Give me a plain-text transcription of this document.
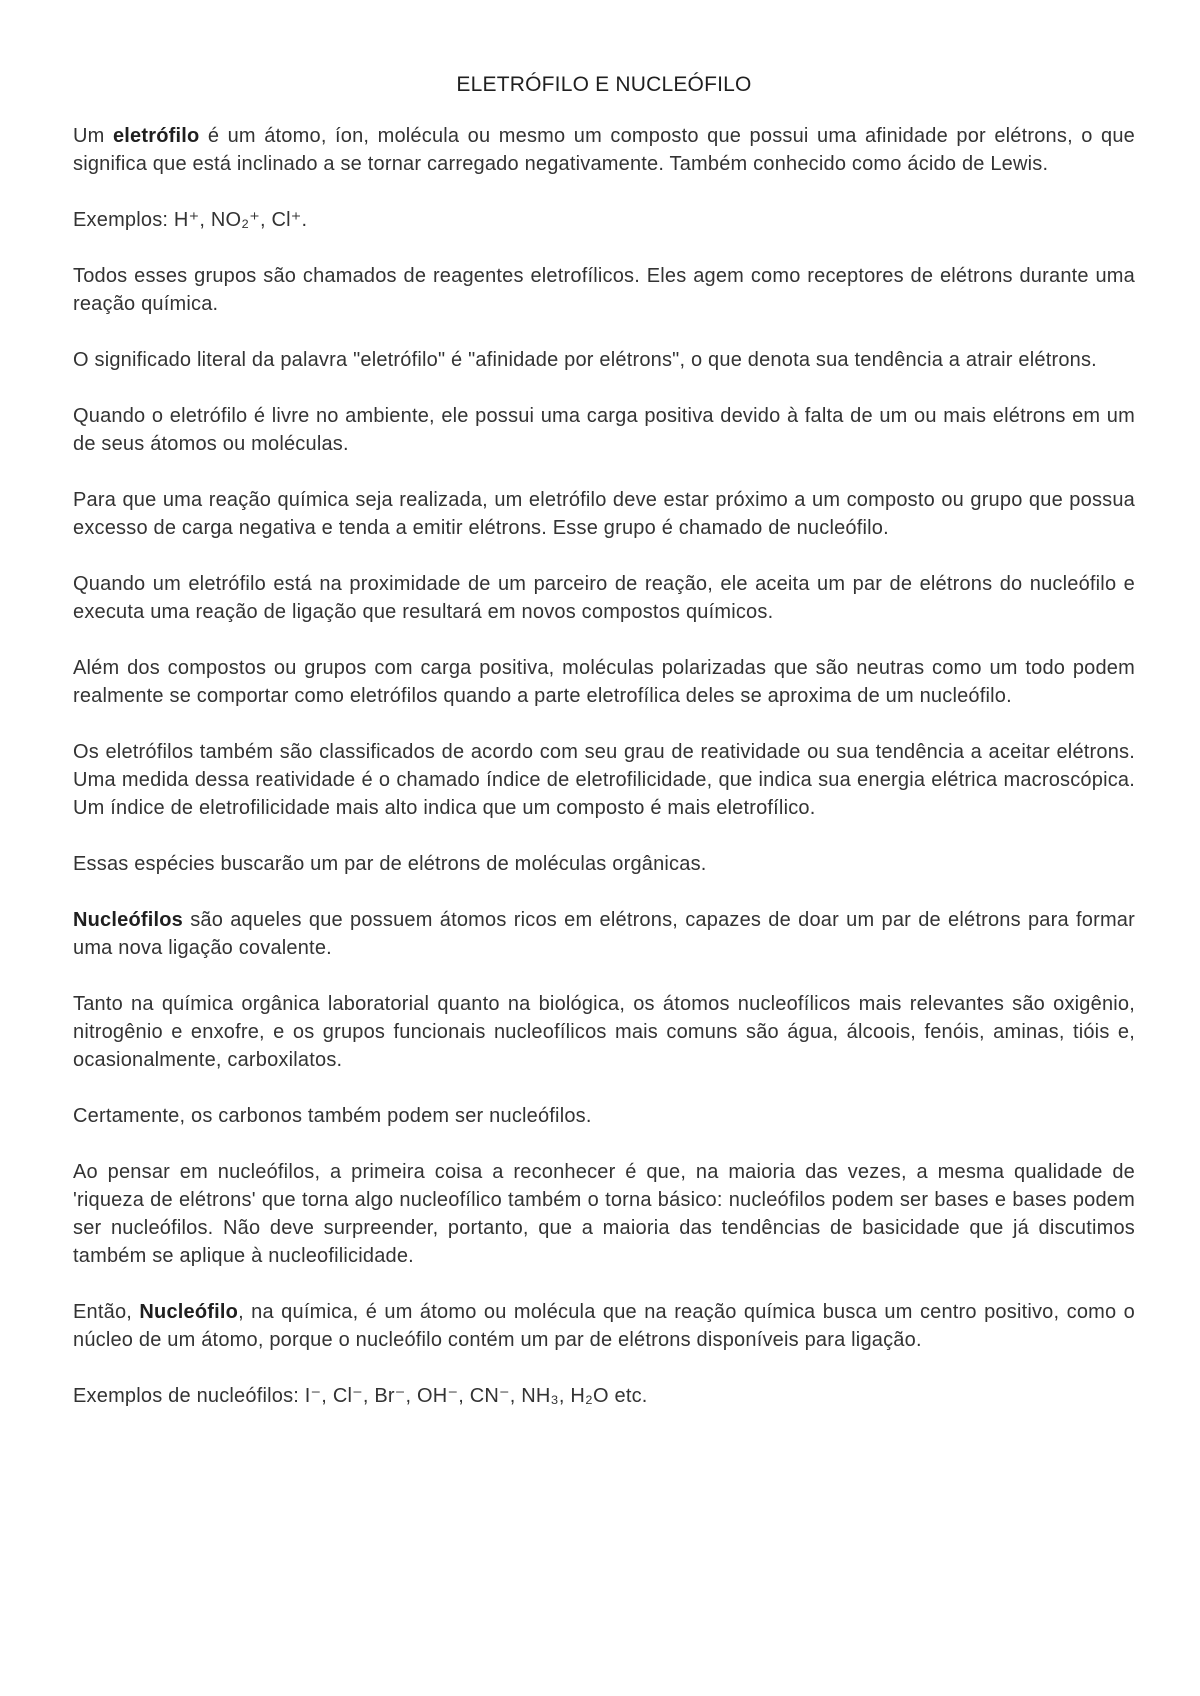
ELETRÓFILO E NUCLEÓFILO

Um eletrófilo é um átomo, íon, molécula ou mesmo um composto que possui uma afinidade por elétrons, o que significa que está inclinado a se tornar carregado negativamente. Também conhecido como ácido de Lewis.

Exemplos: H⁺, NO₂⁺, Cl⁺.

Todos esses grupos são chamados de reagentes eletrofílicos. Eles agem como receptores de elétrons durante uma reação química.

O significado literal da palavra "eletrófilo" é "afinidade por elétrons", o que denota sua tendência a atrair elétrons.

Quando o eletrófilo é livre no ambiente, ele possui uma carga positiva devido à falta de um ou mais elétrons em um de seus átomos ou moléculas.

Para que uma reação química seja realizada, um eletrófilo deve estar próximo a um composto ou grupo que possua excesso de carga negativa e tenda a emitir elétrons. Esse grupo é chamado de nucleófilo.

Quando um eletrófilo está na proximidade de um parceiro de reação, ele aceita um par de elétrons do nucleófilo e executa uma reação de ligação que resultará em novos compostos químicos.

Além dos compostos ou grupos com carga positiva, moléculas polarizadas que são neutras como um todo podem realmente se comportar como eletrófilos quando a parte eletrofílica deles se aproxima de um nucleófilo.

Os eletrófilos também são classificados de acordo com seu grau de reatividade ou sua tendência a aceitar elétrons. Uma medida dessa reatividade é o chamado índice de eletrofilicidade, que indica sua energia elétrica macroscópica. Um índice de eletrofilicidade mais alto indica que um composto é mais eletrofílico.

Essas espécies buscarão um par de elétrons de moléculas orgânicas.

Nucleófilos são aqueles que possuem átomos ricos em elétrons, capazes de doar um par de elétrons para formar uma nova ligação covalente.

Tanto na química orgânica laboratorial quanto na biológica, os átomos nucleofílicos mais relevantes são oxigênio, nitrogênio e enxofre, e os grupos funcionais nucleofílicos mais comuns são água, álcoois, fenóis, aminas, tióis e, ocasionalmente, carboxilatos.

Certamente, os carbonos também podem ser nucleófilos.

Ao pensar em nucleófilos, a primeira coisa a reconhecer é que, na maioria das vezes, a mesma qualidade de 'riqueza de elétrons' que torna algo nucleofílico também o torna básico: nucleófilos podem ser bases e bases podem ser nucleófilos. Não deve surpreender, portanto, que a maioria das tendências de basicidade que já discutimos também se aplique à nucleofilicidade.

Então, Nucleófilo, na química, é um átomo ou molécula que na reação química busca um centro positivo, como o núcleo de um átomo, porque o nucleófilo contém um par de elétrons disponíveis para ligação.

Exemplos de nucleófilos: I⁻, Cl⁻, Br⁻, OH⁻, CN⁻, NH₃, H₂O etc.
